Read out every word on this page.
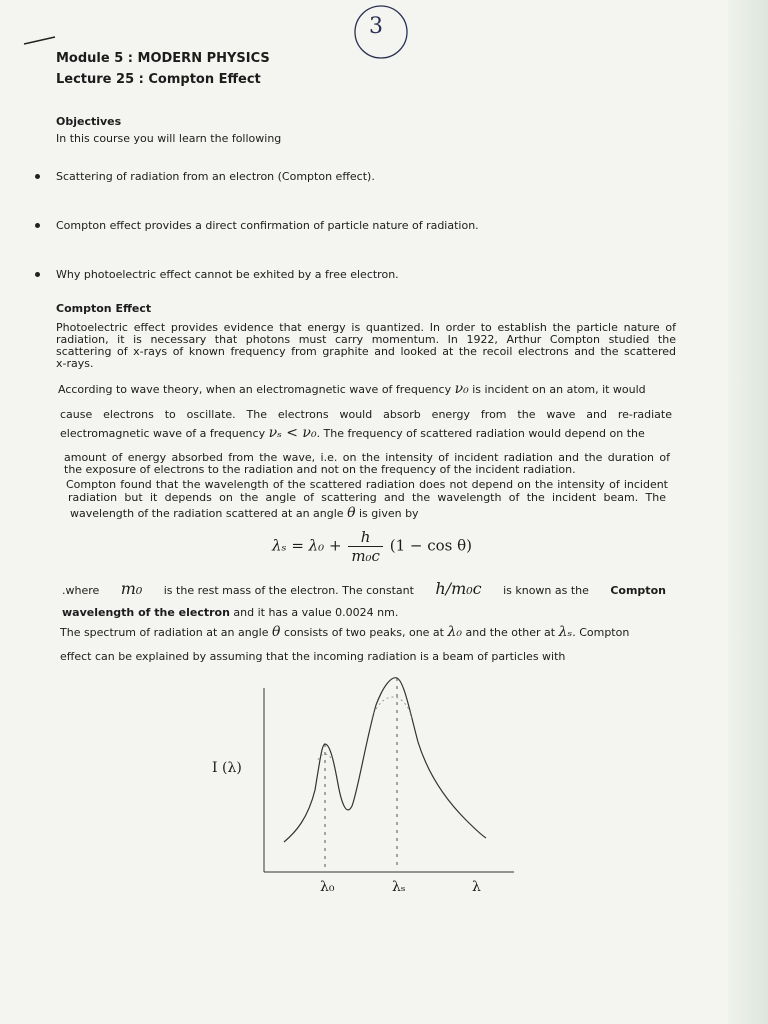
3
Module 5 : MODERN PHYSICS
Lecture 25 : Compton Effect
Objectives
In this course you will learn the following
Scattering of radiation from an electron (Compton effect).
Compton effect provides a direct confirmation of particle nature of radiation.
Why photoelectric effect cannot be exhited by a free electron.
Compton Effect
Photoelectric effect provides evidence that energy is quantized. In order to establish the particle nature of
radiation, it is necessary that photons must carry momentum. In 1922, Arthur Compton studied the
scattering of x-rays of known frequency from graphite and looked at the recoil electrons and the scattered
x-rays.
According to wave theory, when an electromagnetic wave of frequency ν₀ is incident on an atom, it would
cause electrons to oscillate. The electrons would absorb energy from the wave and re-radiate
electromagnetic wave of a frequency νₛ < ν₀. The frequency of scattered radiation would depend on the
amount of energy absorbed from the wave, i.e. on the intensity of incident radiation and the duration of
the exposure of electrons to the radiation and not on the frequency of the incident radiation.
Compton found that the wavelength of the scattered radiation does not depend on the intensity of incident
radiation but it depends on the angle of scattering and the wavelength of the incident beam. The
wavelength of the radiation scattered at an angle θ is given by
$\lambda_s = \lambda_0 + \frac{h}{\text{m₀c}} (1 - \cos \theta)$
.where m₀ is the rest mass of the electron. The constant h/m₀c is known as the Compton
wavelength of the electron and it has a value 0.0024 nm.
The spectrum of radiation at an angle θ consists of two peaks, one at λ₀ and the other at λₛ. Compton
effect can be explained by assuming that the incoming radiation is a beam of particles with
I (λ)
λ₀	λₛ	λ
